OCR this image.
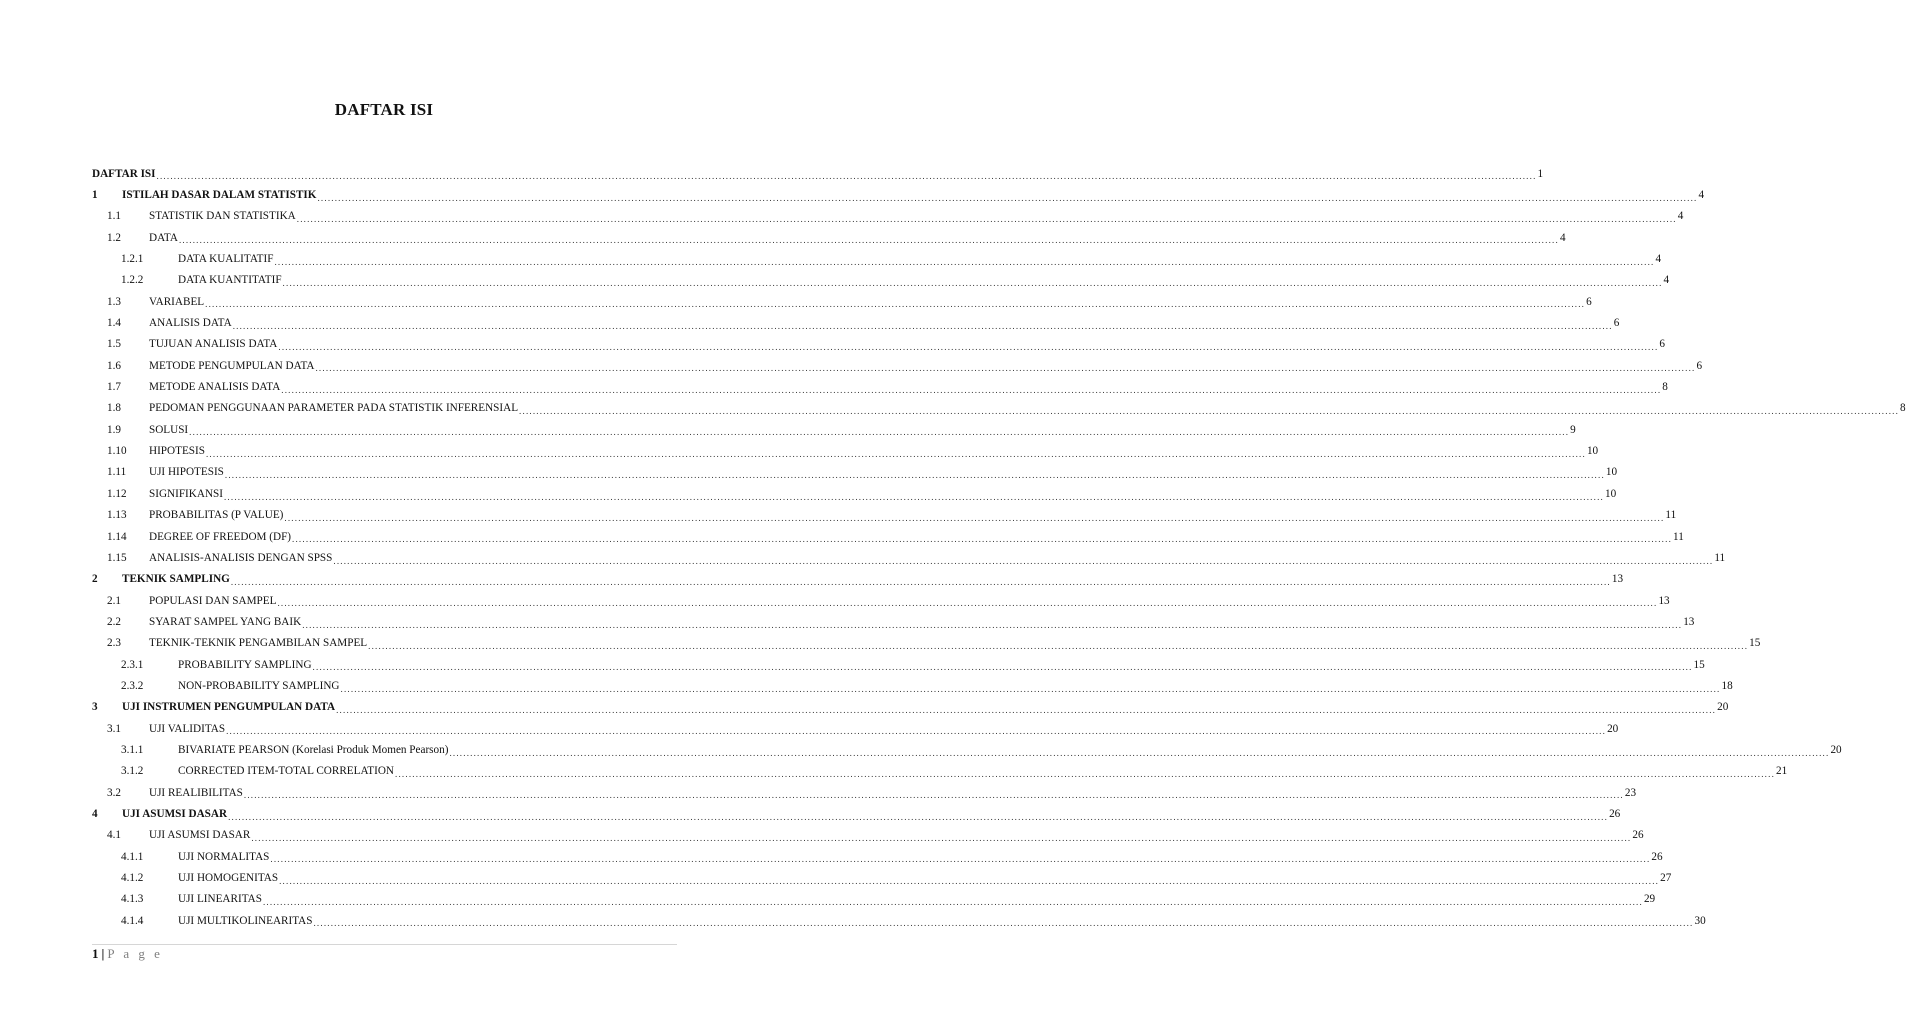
DAFTAR ISI
DAFTAR ISI ................................................................................................................................................................................................................................................................................................................................................................................................................ 1
1	ISTILAH DASAR DALAM STATISTIK ................................................................................................................................................................................................................................................................................................................................................................................................................ 4
1.1	STATISTIK DAN STATISTIKA ................................................................................................................................................................................................................................................................................................................................................................................................................ 4
1.2	DATA ................................................................................................................................................................................................................................................................................................................................................................................................................ 4
1.2.1	DATA KUALITATIF ................................................................................................................................................................................................................................................................................................................................................................................................................ 4
1.2.2	DATA KUANTITATIF ................................................................................................................................................................................................................................................................................................................................................................................................................ 4
1.3	VARIABEL ................................................................................................................................................................................................................................................................................................................................................................................................................ 6
1.4	ANALISIS DATA ................................................................................................................................................................................................................................................................................................................................................................................................................ 6
1.5	TUJUAN ANALISIS DATA ................................................................................................................................................................................................................................................................................................................................................................................................................ 6
1.6	METODE PENGUMPULAN DATA ................................................................................................................................................................................................................................................................................................................................................................................................................ 6
1.7	METODE ANALISIS DATA ................................................................................................................................................................................................................................................................................................................................................................................................................ 8
1.8	PEDOMAN PENGGUNAAN PARAMETER PADA STATISTIK INFERENSIAL ................................................................................................................................................................................................................................................................................................................................................................................................................ 8
1.9	SOLUSI ................................................................................................................................................................................................................................................................................................................................................................................................................ 9
1.10	HIPOTESIS ................................................................................................................................................................................................................................................................................................................................................................................................................ 10
1.11	UJI HIPOTESIS ................................................................................................................................................................................................................................................................................................................................................................................................................ 10
1.12	SIGNIFIKANSI ................................................................................................................................................................................................................................................................................................................................................................................................................ 10
1.13	PROBABILITAS (P VALUE) ................................................................................................................................................................................................................................................................................................................................................................................................................ 11
1.14	DEGREE OF FREEDOM (DF) ................................................................................................................................................................................................................................................................................................................................................................................................................ 11
1.15	ANALISIS-ANALISIS DENGAN SPSS ................................................................................................................................................................................................................................................................................................................................................................................................................ 11
2	TEKNIK SAMPLING ................................................................................................................................................................................................................................................................................................................................................................................................................ 13
2.1	POPULASI DAN SAMPEL ................................................................................................................................................................................................................................................................................................................................................................................................................ 13
2.2	SYARAT SAMPEL YANG BAIK ................................................................................................................................................................................................................................................................................................................................................................................................................ 13
2.3	TEKNIK-TEKNIK PENGAMBILAN SAMPEL ................................................................................................................................................................................................................................................................................................................................................................................................................ 15
2.3.1	PROBABILITY SAMPLING ................................................................................................................................................................................................................................................................................................................................................................................................................ 15
2.3.2	NON-PROBABILITY SAMPLING ................................................................................................................................................................................................................................................................................................................................................................................................................ 18
3	UJI INSTRUMEN PENGUMPULAN DATA ................................................................................................................................................................................................................................................................................................................................................................................................................ 20
3.1	UJI VALIDITAS ................................................................................................................................................................................................................................................................................................................................................................................................................ 20
3.1.1	BIVARIATE PEARSON (Korelasi Produk Momen Pearson) ................................................................................................................................................................................................................................................................................................................................................................................................................ 20
3.1.2	CORRECTED ITEM-TOTAL CORRELATION ................................................................................................................................................................................................................................................................................................................................................................................................................ 21
3.2	UJI REALIBILITAS ................................................................................................................................................................................................................................................................................................................................................................................................................ 23
4	UJI ASUMSI DASAR ................................................................................................................................................................................................................................................................................................................................................................................................................ 26
4.1	UJI ASUMSI DASAR ................................................................................................................................................................................................................................................................................................................................................................................................................ 26
4.1.1	UJI NORMALITAS ................................................................................................................................................................................................................................................................................................................................................................................................................ 26
4.1.2	UJI HOMOGENITAS ................................................................................................................................................................................................................................................................................................................................................................................................................ 27
4.1.3	UJI LINEARITAS ................................................................................................................................................................................................................................................................................................................................................................................................................ 29
4.1.4	UJI MULTIKOLINEARITAS ................................................................................................................................................................................................................................................................................................................................................................................................................ 30
1 | P a g e
